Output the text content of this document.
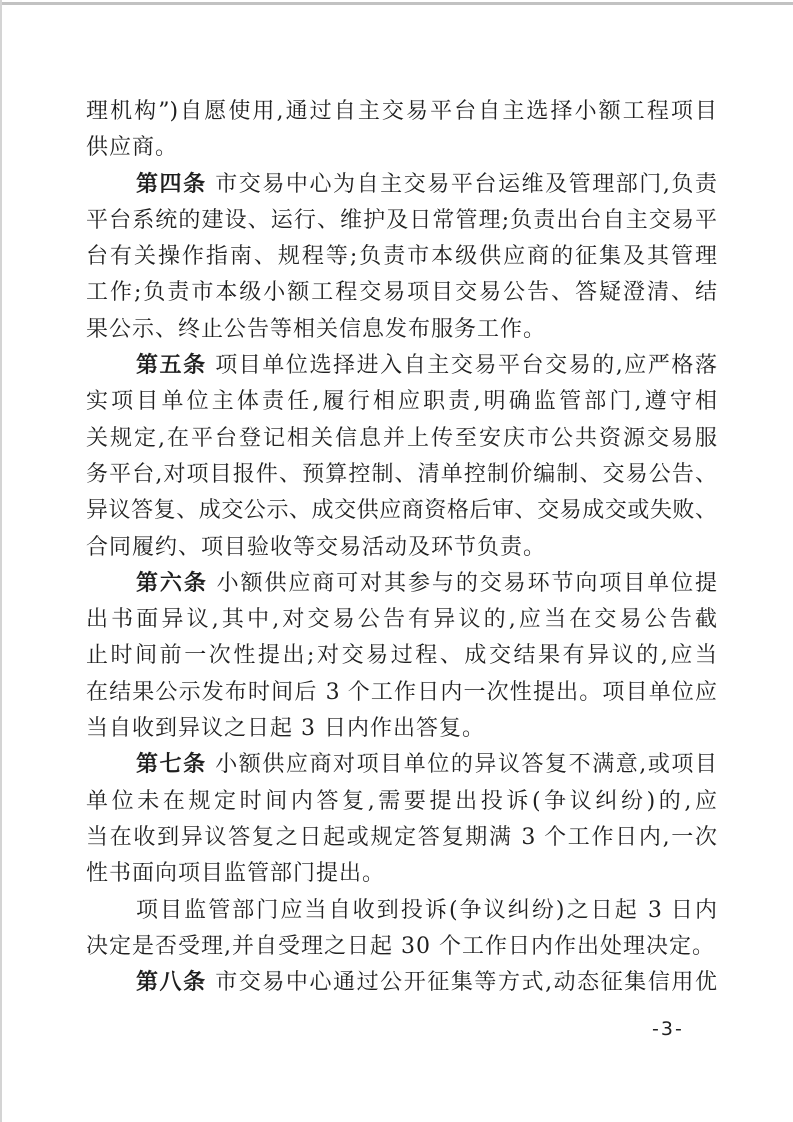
理机构”)自愿使用,通过自主交易平台自主选择小额工程项目
供应商。
第四条 市交易中心为自主交易平台运维及管理部门,负责
平台系统的建设、运行、维护及日常管理;负责出台自主交易平
台有关操作指南、规程等;负责市本级供应商的征集及其管理
工作;负责市本级小额工程交易项目交易公告、答疑澄清、结
果公示、终止公告等相关信息发布服务工作。
第五条 项目单位选择进入自主交易平台交易的,应严格落
实项目单位主体责任,履行相应职责,明确监管部门,遵守相
关规定,在平台登记相关信息并上传至安庆市公共资源交易服
务平台,对项目报件、预算控制、清单控制价编制、交易公告、
异议答复、成交公示、成交供应商资格后审、交易成交或失败、
合同履约、项目验收等交易活动及环节负责。
第六条 小额供应商可对其参与的交易环节向项目单位提
出书面异议,其中,对交易公告有异议的,应当在交易公告截
止时间前一次性提出;对交易过程、成交结果有异议的,应当
在结果公示发布时间后 3 个工作日内一次性提出。项目单位应
当自收到异议之日起 3 日内作出答复。
第七条 小额供应商对项目单位的异议答复不满意,或项目
单位未在规定时间内答复,需要提出投诉(争议纠纷)的,应
当在收到异议答复之日起或规定答复期满 3 个工作日内,一次
性书面向项目监管部门提出。
项目监管部门应当自收到投诉(争议纠纷)之日起 3 日内
决定是否受理,并自受理之日起 30 个工作日内作出处理决定。
第八条 市交易中心通过公开征集等方式,动态征集信用优
-3-
